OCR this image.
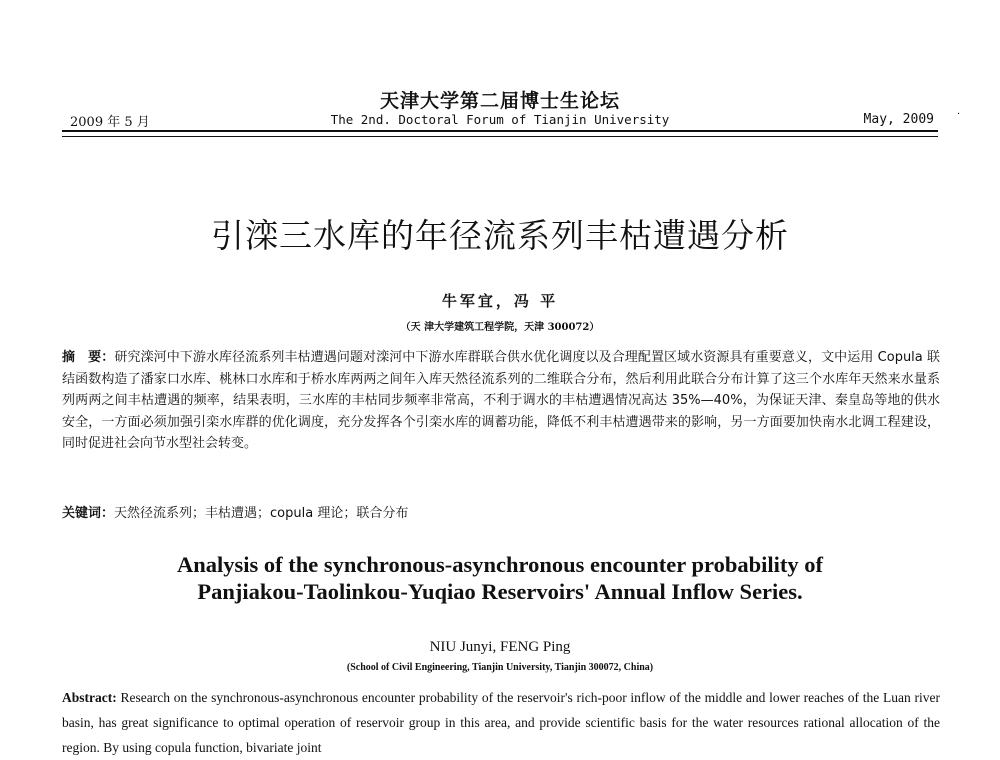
天津大学第二届博士生论坛
2009 年 5 月	The 2nd. Doctoral Forum of Tianjin University	May, 2009
.
引滦三水库的年径流系列丰枯遭遇分析
牛军宜，冯 平
（天 津大学建筑工程学院，天津 300072）
摘　要：研究滦河中下游水库径流系列丰枯遭遇问题对滦河中下游水库群联合供水优化调度以及合理配置区域水资源具有重要意义，文中运用 Copula 联结函数构造了潘家口水库、桃林口水库和于桥水库两两之间年入库天然径流系列的二维联合分布，然后利用此联合分布计算了这三个水库年天然来水量系列两两之间丰枯遭遇的频率，结果表明，三水库的丰枯同步频率非常高，不利于调水的丰枯遭遇情况高达 35%—40%，为保证天津、秦皇岛等地的供水安全，一方面必须加强引栾水库群的优化调度，充分发挥各个引栾水库的调蓄功能，降低不利丰枯遭遇带来的影响，另一方面要加快南水北调工程建设，同时促进社会向节水型社会转变。
关键词：天然径流系列；丰枯遭遇；copula 理论；联合分布
Analysis of the synchronous-asynchronous encounter probability of
Panjiakou-Taolinkou-Yuqiao Reservoirs' Annual Inflow Series.
NIU Junyi, FENG Ping
(School of Civil Engineering, Tianjin University, Tianjin 300072, China)
Abstract: Research on the synchronous-asynchronous encounter probability of the reservoir's rich-poor inflow of the middle and lower reaches of the Luan river basin, has great significance to optimal operation of reservoir group in this area, and provide scientific basis for the water resources rational allocation of the region. By using copula function, bivariate joint
